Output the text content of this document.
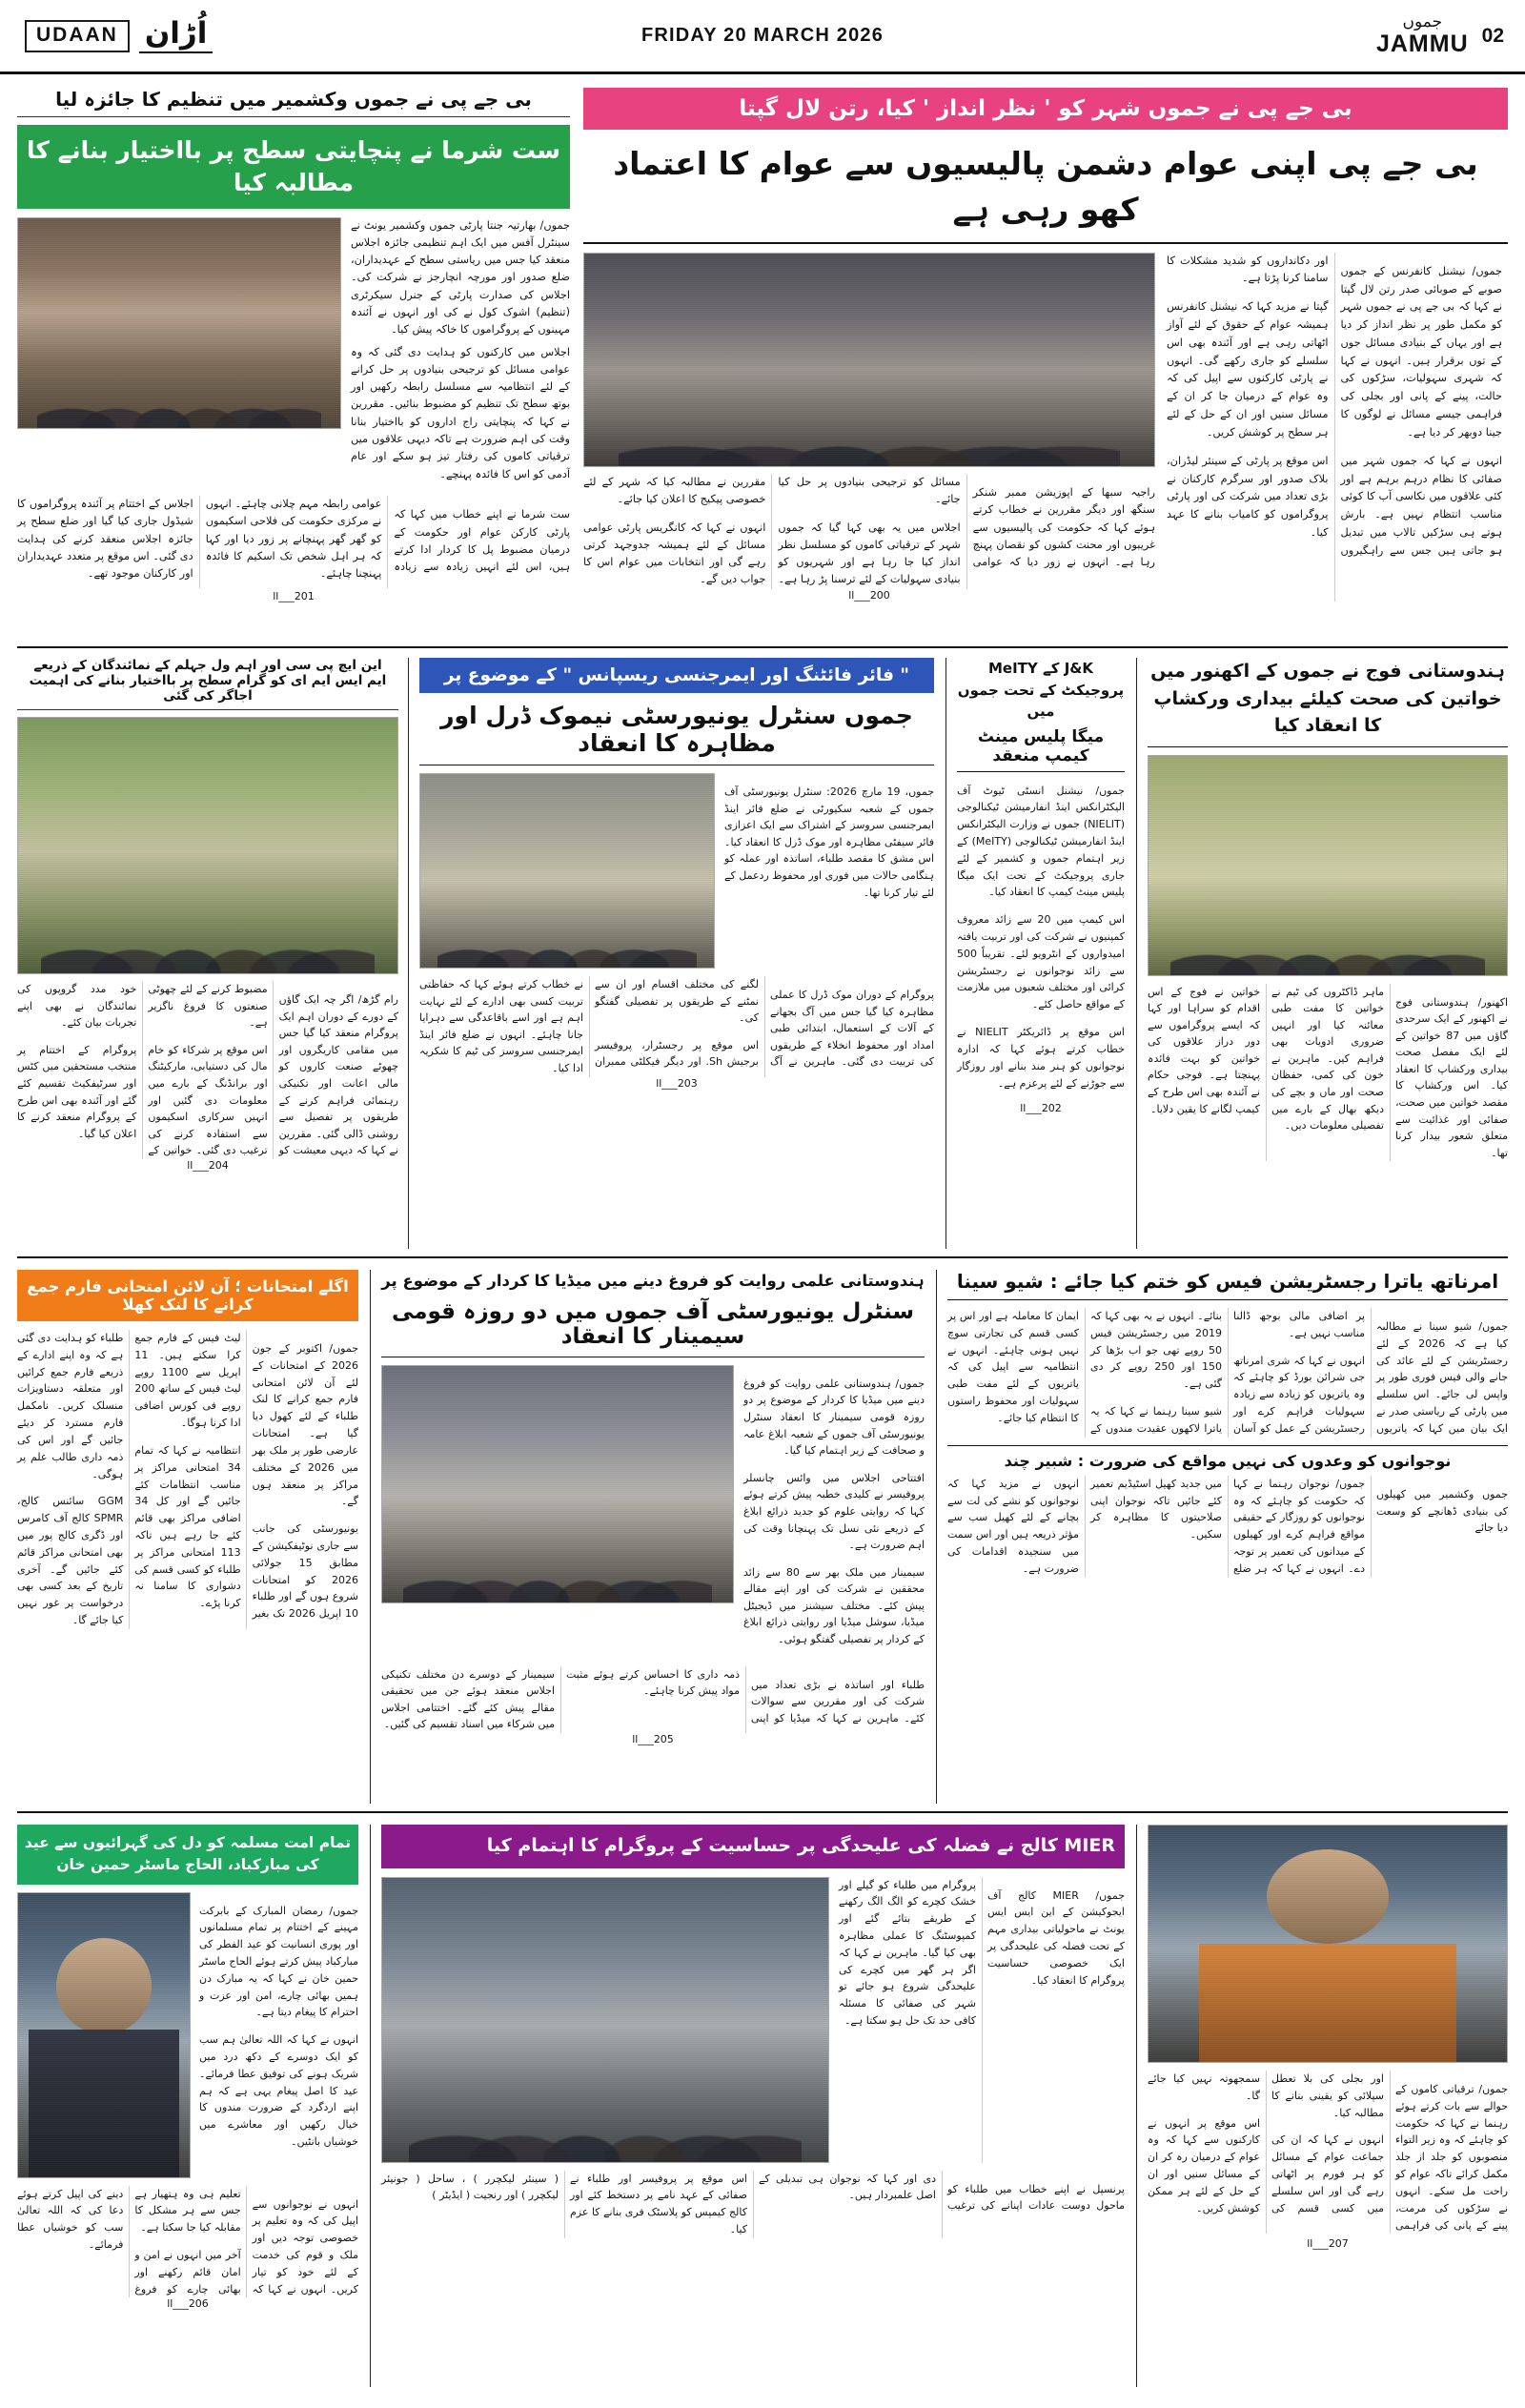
UDAAN اُڑان	FRIDAY 20 MARCH 2026
جموں
JAMMU 02
بی جے پی نے جموں وکشمیر میں تنظیم کا جائزہ لیا
ست شرما نے پنچایتی سطح پر بااختیار بنانے کا مطالبہ کیا

جموں/ بھارتیہ جنتا پارٹی جموں وکشمیر یونٹ نے سینٹرل آفس میں ایک اہم تنظیمی جائزہ اجلاس منعقد کیا جس میں ریاستی سطح کے عہدیداران، ضلع صدور اور مورچہ انچارجز نے شرکت کی۔ اجلاس کی صدارت پارٹی کے جنرل سیکرٹری (تنظیم) اشوک کول نے کی اور انہوں نے آئندہ مہینوں کے پروگراموں کا خاکہ پیش کیا۔

اجلاس میں کارکنوں کو ہدایت دی گئی کہ وہ عوامی مسائل کو ترجیحی بنیادوں پر حل کرانے کے لئے انتظامیہ سے مسلسل رابطہ رکھیں اور بوتھ سطح تک تنظیم کو مضبوط بنائیں۔ مقررین نے کہا کہ پنچایتی راج اداروں کو بااختیار بنانا وقت کی اہم ضرورت ہے تاکہ دیہی علاقوں میں ترقیاتی کاموں کی رفتار تیز ہو سکے اور عام آدمی کو اس کا فائدہ پہنچے۔

ست شرما نے اپنے خطاب میں کہا کہ پارٹی کارکن عوام اور حکومت کے درمیان مضبوط پل کا کردار ادا کرتے ہیں، اس لئے انہیں زیادہ سے زیادہ عوامی رابطہ مہم چلانی چاہئے۔ انہوں نے مرکزی حکومت کی فلاحی اسکیموں کو گھر گھر پہنچانے پر زور دیا اور کہا کہ ہر اہل شخص تک اسکیم کا فائدہ پہنچنا چاہئے۔

اجلاس کے اختتام پر آئندہ پروگراموں کا شیڈول جاری کیا گیا اور ضلع سطح پر جائزہ اجلاس منعقد کرنے کی ہدایت دی گئی۔ اس موقع پر متعدد عہدیداران اور کارکنان موجود تھے۔

ll___201
بی جے پی نے جموں شہر کو ' نظر انداز ' کیا، رتن لال گپتا
بی جے پی اپنی عوام دشمن پالیسیوں سے عوام کا اعتماد کھو رہی ہے

راجیہ سبھا کے اپوزیشن ممبر شنکر سنگھ اور دیگر مقررین نے خطاب کرتے ہوئے کہا کہ حکومت کی پالیسیوں سے غریبوں اور محنت کشوں کو نقصان پہنچ رہا ہے۔ انہوں نے زور دیا کہ عوامی مسائل کو ترجیحی بنیادوں پر حل کیا جائے۔

اجلاس میں یہ بھی کہا گیا کہ جموں شہر کے ترقیاتی کاموں کو مسلسل نظر انداز کیا جا رہا ہے اور شہریوں کو بنیادی سہولیات کے لئے ترسنا پڑ رہا ہے۔ مقررین نے مطالبہ کیا کہ شہر کے لئے خصوصی پیکیج کا اعلان کیا جائے۔

انہوں نے کہا کہ کانگریس پارٹی عوامی مسائل کے لئے ہمیشہ جدوجہد کرتی رہے گی اور انتخابات میں عوام اس کا جواب دیں گے۔

ll___200

جموں/ نیشنل کانفرنس کے جموں صوبے کے صوبائی صدر رتن لال گپتا نے کہا کہ بی جے پی نے جموں شہر کو مکمل طور پر نظر انداز کر دیا ہے اور یہاں کے بنیادی مسائل جوں کے توں برقرار ہیں۔ انہوں نے کہا کہ شہری سہولیات، سڑکوں کی حالت، پینے کے پانی اور بجلی کی فراہمی جیسے مسائل نے لوگوں کا جینا دوبھر کر دیا ہے۔

انہوں نے کہا کہ جموں شہر میں صفائی کا نظام درہم برہم ہے اور کئی علاقوں میں نکاسی آب کا کوئی مناسب انتظام نہیں ہے۔ بارش ہوتے ہی سڑکیں تالاب میں تبدیل ہو جاتی ہیں جس سے راہگیروں اور دکانداروں کو شدید مشکلات کا سامنا کرنا پڑتا ہے۔

گپتا نے مزید کہا کہ نیشنل کانفرنس ہمیشہ عوام کے حقوق کے لئے آواز اٹھاتی رہی ہے اور آئندہ بھی اس سلسلے کو جاری رکھے گی۔ انہوں نے پارٹی کارکنوں سے اپیل کی کہ وہ عوام کے درمیان جا کر ان کے مسائل سنیں اور ان کے حل کے لئے ہر سطح پر کوشش کریں۔

اس موقع پر پارٹی کے سینئر لیڈران، بلاک صدور اور سرگرم کارکنان نے بڑی تعداد میں شرکت کی اور پارٹی پروگراموں کو کامیاب بنانے کا عہد کیا۔

این ایچ پی سی اور اہم ول جہلم کے نمائندگان کے ذریعے
ایم ایس ایم ای کو گرام سطح پر بااختیار بنانے کی اہمیت اجاگر کی گئی

رام گڑھ/ اگر چہ ایک گاؤں کے دورے کے دوران اہم ایک پروگرام منعقد کیا گیا جس میں مقامی کاریگروں اور چھوٹے صنعت کاروں کو مالی اعانت اور تکنیکی رہنمائی فراہم کرنے کے طریقوں پر تفصیل سے روشنی ڈالی گئی۔ مقررین نے کہا کہ دیہی معیشت کو مضبوط کرنے کے لئے چھوٹی صنعتوں کا فروغ ناگزیر ہے۔

اس موقع پر شرکاء کو خام مال کی دستیابی، مارکیٹنگ اور برانڈنگ کے بارے میں معلومات دی گئیں اور انہیں سرکاری اسکیموں سے استفادہ کرنے کی ترغیب دی گئی۔ خواتین کے خود مدد گروپوں کی نمائندگان نے بھی اپنے تجربات بیان کئے۔

پروگرام کے اختتام پر منتخب مستحقین میں کٹس اور سرٹیفکیٹ تقسیم کئے گئے اور آئندہ بھی اس طرح کے پروگرام منعقد کرنے کا اعلان کیا گیا۔

ll___204
" فائر فائٹنگ اور ایمرجنسی ریسپانس " کے موضوع پر
جموں سنٹرل یونیورسٹی نیموک ڈرل اور مظاہرہ کا انعقاد

جموں، 19 مارچ 2026: سنٹرل یونیورسٹی آف جموں کے شعبہ سکیورٹی نے ضلع فائر اینڈ ایمرجنسی سروسز کے اشتراک سے ایک اعزازی فائر سیفٹی مظاہرہ اور موک ڈرل کا انعقاد کیا۔ اس مشق کا مقصد طلباء، اساتذہ اور عملہ کو ہنگامی حالات میں فوری اور محفوظ ردعمل کے لئے تیار کرنا تھا۔

پروگرام کے دوران موک ڈرل کا عملی مظاہرہ کیا گیا جس میں آگ بجھانے کے آلات کے استعمال، ابتدائی طبی امداد اور محفوظ انخلاء کے طریقوں کی تربیت دی گئی۔ ماہرین نے آگ لگنے کی مختلف اقسام اور ان سے نمٹنے کے طریقوں پر تفصیلی گفتگو کی۔

اس موقع پر رجسٹرار، پروفیسر برجیش Sh. اور دیگر فیکلٹی ممبران نے خطاب کرتے ہوئے کہا کہ حفاظتی تربیت کسی بھی ادارے کے لئے نہایت اہم ہے اور اسے باقاعدگی سے دہرایا جانا چاہئے۔ انہوں نے ضلع فائر اینڈ ایمرجنسی سروسز کی ٹیم کا شکریہ ادا کیا۔

ll___203
J&K کے MeITY پروجیکٹ کے تحت جموں میں
میگا پلیس مینٹ کیمپ منعقد

جموں/ نیشنل انسٹی ٹیوٹ آف الیکٹرانکس اینڈ انفارمیشن ٹیکنالوجی (NIELIT) جموں نے وزارت الیکٹرانکس اینڈ انفارمیشن ٹیکنالوجی (MeITY) کے زیر اہتمام جموں و کشمیر کے لئے جاری پروجیکٹ کے تحت ایک میگا پلیس مینٹ کیمپ کا انعقاد کیا۔

اس کیمپ میں 20 سے زائد معروف کمپنیوں نے شرکت کی اور تربیت یافتہ امیدواروں کے انٹرویو لئے۔ تقریباً 500 سے زائد نوجوانوں نے رجسٹریشن کرائی اور مختلف شعبوں میں ملازمت کے مواقع حاصل کئے۔

اس موقع پر ڈائریکٹر NIELIT نے خطاب کرتے ہوئے کہا کہ ادارہ نوجوانوں کو ہنر مند بنانے اور روزگار سے جوڑنے کے لئے پرعزم ہے۔

ll___202
ہندوستانی فوج نے جموں کے اکھنور میں خواتین کی صحت کیلئے بیداری ورکشاپ کا انعقاد کیا

اکھنور/ ہندوستانی فوج نے اکھنور کے ایک سرحدی گاؤں میں 87 خواتین کے لئے ایک مفصل صحت بیداری ورکشاپ کا انعقاد کیا۔ اس ورکشاپ کا مقصد خواتین میں صحت، صفائی اور غذائیت سے متعلق شعور بیدار کرنا تھا۔

ماہر ڈاکٹروں کی ٹیم نے خواتین کا مفت طبی معائنہ کیا اور انہیں ضروری ادویات بھی فراہم کیں۔ ماہرین نے خون کی کمی، حفظان صحت اور ماں و بچے کی دیکھ بھال کے بارے میں تفصیلی معلومات دیں۔

خواتین نے فوج کے اس اقدام کو سراہا اور کہا کہ ایسے پروگراموں سے دور دراز علاقوں کی خواتین کو بہت فائدہ پہنچتا ہے۔ فوجی حکام نے آئندہ بھی اس طرح کے کیمپ لگانے کا یقین دلایا۔

اگلے امتحانات ؛ آن لائن امتحانی فارم جمع کرانے کا لنک کھلا

جموں/ اکتوبر کے جون 2026 کے امتحانات کے لئے آن لائن امتحانی فارم جمع کرانے کا لنک طلباء کے لئے کھول دیا گیا ہے۔ امتحانات عارضی طور پر ملک بھر میں 2026 کے مختلف مراکز پر منعقد ہوں گے۔

یونیورسٹی کی جانب سے جاری نوٹیفکیشن کے مطابق 15 جولائی 2026 کو امتحانات شروع ہوں گے اور طلباء 10 اپریل 2026 تک بغیر لیٹ فیس کے فارم جمع کرا سکتے ہیں۔ 11 اپریل سے 1100 روپے لیٹ فیس کے ساتھ 200 روپے فی کورس اضافی ادا کرنا ہوگا۔

انتظامیہ نے کہا کہ تمام 34 امتحانی مراکز پر مناسب انتظامات کئے جائیں گے اور کل 34 اضافی مراکز بھی قائم کئے جا رہے ہیں تاکہ 113 امتحانی مراکز پر طلباء کو کسی قسم کی دشواری کا سامنا نہ کرنا پڑے۔

طلباء کو ہدایت دی گئی ہے کہ وہ اپنے ادارے کے ذریعے فارم جمع کرائیں اور متعلقہ دستاویزات منسلک کریں۔ نامکمل فارم مسترد کر دیئے جائیں گے اور اس کی ذمہ داری طالب علم پر ہوگی۔

GGM سائنس کالج، SPMR کالج آف کامرس اور ڈگری کالج پور میں بھی امتحانی مراکز قائم کئے جائیں گے۔ آخری تاریخ کے بعد کسی بھی درخواست پر غور نہیں کیا جائے گا۔

ہندوستانی علمی روایت کو فروغ دینے میں میڈیا کا کردار کے موضوع پر
سنٹرل یونیورسٹی آف جموں میں دو روزہ قومی سیمینار کا انعقاد

جموں/ ہندوستانی علمی روایت کو فروغ دینے میں میڈیا کا کردار کے موضوع پر دو روزہ قومی سیمینار کا انعقاد سنٹرل یونیورسٹی آف جموں کے شعبہ ابلاغ عامہ و صحافت کے زیر اہتمام کیا گیا۔

افتتاحی اجلاس میں وائس چانسلر پروفیسر نے کلیدی خطبہ پیش کرتے ہوئے کہا کہ روایتی علوم کو جدید ذرائع ابلاغ کے ذریعے نئی نسل تک پہنچانا وقت کی اہم ضرورت ہے۔

سیمینار میں ملک بھر سے 80 سے زائد محققین نے شرکت کی اور اپنے مقالے پیش کئے۔ مختلف سیشنز میں ڈیجیٹل میڈیا، سوشل میڈیا اور روایتی ذرائع ابلاغ کے کردار پر تفصیلی گفتگو ہوئی۔

طلباء اور اساتذہ نے بڑی تعداد میں شرکت کی اور مقررین سے سوالات کئے۔ ماہرین نے کہا کہ میڈیا کو اپنی ذمہ داری کا احساس کرتے ہوئے مثبت مواد پیش کرنا چاہئے۔

سیمینار کے دوسرے دن مختلف تکنیکی اجلاس منعقد ہوئے جن میں تحقیقی مقالے پیش کئے گئے۔ اختتامی اجلاس میں شرکاء میں اسناد تقسیم کی گئیں۔

ll___205
امرناتھ یاترا رجسٹریشن فیس کو ختم کیا جائے : شیو سینا

جموں/ شیو سینا نے مطالبہ کیا ہے کہ 2026 کے لئے رجسٹریشن کے لئے عائد کی جانے والی فیس فوری طور پر واپس لی جائے۔ اس سلسلے میں پارٹی کے ریاستی صدر نے ایک بیان میں کہا کہ یاتریوں پر اضافی مالی بوجھ ڈالنا مناسب نہیں ہے۔

انہوں نے کہا کہ شری امرناتھ جی شرائن بورڈ کو چاہئے کہ وہ یاتریوں کو زیادہ سے زیادہ سہولیات فراہم کرے اور رجسٹریشن کے عمل کو آسان بنائے۔ انہوں نے یہ بھی کہا کہ 2019 میں رجسٹریشن فیس 50 روپے تھی جو اب بڑھا کر 150 اور 250 روپے کر دی گئی ہے۔

شیو سینا رہنما نے کہا کہ یہ یاترا لاکھوں عقیدت مندوں کے ایمان کا معاملہ ہے اور اس پر کسی قسم کی تجارتی سوچ نہیں ہونی چاہئے۔ انہوں نے انتظامیہ سے اپیل کی کہ یاتریوں کے لئے مفت طبی سہولیات اور محفوظ راستوں کا انتظام کیا جائے۔

نوجوانوں کو وعدوں کی نہیں مواقع کی ضرورت : شبیر چند

جموں وکشمیر میں کھیلوں کی بنیادی ڈھانچے کو وسعت دیا جائے

جموں/ نوجوان رہنما نے کہا کہ حکومت کو چاہئے کہ وہ نوجوانوں کو روزگار کے حقیقی مواقع فراہم کرے اور کھیلوں کے میدانوں کی تعمیر پر توجہ دے۔ انہوں نے کہا کہ ہر ضلع میں جدید کھیل اسٹیڈیم تعمیر کئے جائیں تاکہ نوجوان اپنی صلاحیتوں کا مظاہرہ کر سکیں۔

انہوں نے مزید کہا کہ نوجوانوں کو نشے کی لت سے بچانے کے لئے کھیل سب سے مؤثر ذریعہ ہیں اور اس سمت میں سنجیدہ اقدامات کی ضرورت ہے۔

تمام امت مسلمہ کو دل کی گہرائیوں سے عید کی مبارکباد، الحاج ماسٹر حمین خان

جموں/ رمضان المبارک کے بابرکت مہینے کے اختتام پر تمام مسلمانوں اور پوری انسانیت کو عید الفطر کی مبارکباد پیش کرتے ہوئے الحاج ماسٹر حمین خان نے کہا کہ یہ مبارک دن ہمیں بھائی چارے، امن اور عزت و احترام کا پیغام دیتا ہے۔

انہوں نے کہا کہ اللہ تعالیٰ ہم سب کو ایک دوسرے کے دکھ درد میں شریک ہونے کی توفیق عطا فرمائے۔ عید کا اصل پیغام یہی ہے کہ ہم اپنے اردگرد کے ضرورت مندوں کا خیال رکھیں اور معاشرے میں خوشیاں بانٹیں۔

انہوں نے نوجوانوں سے اپیل کی کہ وہ تعلیم پر خصوصی توجہ دیں اور ملک و قوم کی خدمت کے لئے خود کو تیار کریں۔ انہوں نے کہا کہ تعلیم ہی وہ ہتھیار ہے جس سے ہر مشکل کا مقابلہ کیا جا سکتا ہے۔

آخر میں انہوں نے امن و امان قائم رکھنے اور بھائی چارے کو فروغ دینے کی اپیل کرتے ہوئے دعا کی کہ اللہ تعالیٰ سب کو خوشیاں عطا فرمائے۔

ll___206
MIER کالج نے فضلہ کی علیحدگی پر حساسیت کے پروگرام کا اہتمام کیا

جموں/ MIER کالج آف ایجوکیشن کے این ایس ایس یونٹ نے ماحولیاتی بیداری مہم کے تحت فضلہ کی علیحدگی پر ایک خصوصی حساسیت پروگرام کا انعقاد کیا۔

پروگرام میں طلباء کو گیلے اور خشک کچرے کو الگ الگ رکھنے کے طریقے بتائے گئے اور کمپوسٹنگ کا عملی مظاہرہ بھی کیا گیا۔ ماہرین نے کہا کہ اگر ہر گھر میں کچرے کی علیحدگی شروع ہو جائے تو شہر کی صفائی کا مسئلہ کافی حد تک حل ہو سکتا ہے۔

پرنسپل نے اپنے خطاب میں طلباء کو ماحول دوست عادات اپنانے کی ترغیب دی اور کہا کہ نوجوان ہی تبدیلی کے اصل علمبردار ہیں۔

اس موقع پر پروفیسر اور طلباء نے صفائی کے عہد نامے پر دستخط کئے اور کالج کیمپس کو پلاسٹک فری بنانے کا عزم کیا۔

( سینئر لیکچرر ) ، ساحل ( جونیئر لیکچرر ) اور رنجیت ( ایڈیٹر )

جموں/ ترقیاتی کاموں کے حوالے سے بات کرتے ہوئے رہنما نے کہا کہ حکومت کو چاہئے کہ وہ زیر التواء منصوبوں کو جلد از جلد مکمل کرائے تاکہ عوام کو راحت مل سکے۔ انہوں نے سڑکوں کی مرمت، پینے کے پانی کی فراہمی اور بجلی کی بلا تعطل سپلائی کو یقینی بنانے کا مطالبہ کیا۔

انہوں نے کہا کہ ان کی جماعت عوام کے مسائل کو ہر فورم پر اٹھاتی رہے گی اور اس سلسلے میں کسی قسم کی سمجھوتہ نہیں کیا جائے گا۔

اس موقع پر انہوں نے کارکنوں سے کہا کہ وہ عوام کے درمیان رہ کر ان کے مسائل سنیں اور ان کے حل کے لئے ہر ممکن کوشش کریں۔

ll___207
